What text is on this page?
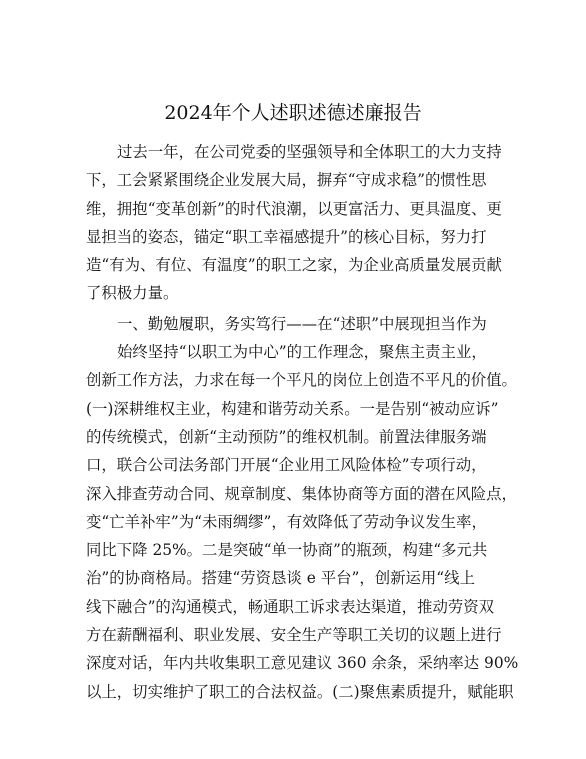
2024年个人述职述德述廉报告
过去一年，在公司党委的坚强领导和全体职工的大力支持
下，工会紧紧围绕企业发展大局，摒弃“守成求稳”的惯性思
维，拥抱“变革创新”的时代浪潮，以更富活力、更具温度、更
显担当的姿态，锚定“职工幸福感提升”的核心目标，努力打
造“有为、有位、有温度”的职工之家，为企业高质量发展贡献
了积极力量。
一、勤勉履职，务实笃行——在“述职”中展现担当作为
始终坚持“以职工为中心”的工作理念，聚焦主责主业，
创新工作方法，力求在每一个平凡的岗位上创造不平凡的价值。
(一)深耕维权主业，构建和谐劳动关系。一是告别“被动应诉”
的传统模式，创新“主动预防”的维权机制。前置法律服务端
口，联合公司法务部门开展“企业用工风险体检”专项行动，
深入排查劳动合同、规章制度、集体协商等方面的潜在风险点，
变“亡羊补牢”为“未雨绸缪”，有效降低了劳动争议发生率，
同比下降 25%。二是突破“单一协商”的瓶颈，构建“多元共
治”的协商格局。搭建“劳资恳谈 e 平台”，创新运用“线上
线下融合”的沟通模式，畅通职工诉求表达渠道，推动劳资双
方在薪酬福利、职业发展、安全生产等职工关切的议题上进行
深度对话，年内共收集职工意见建议 360 余条，采纳率达 90%
以上，切实维护了职工的合法权益。(二)聚焦素质提升，赋能职
